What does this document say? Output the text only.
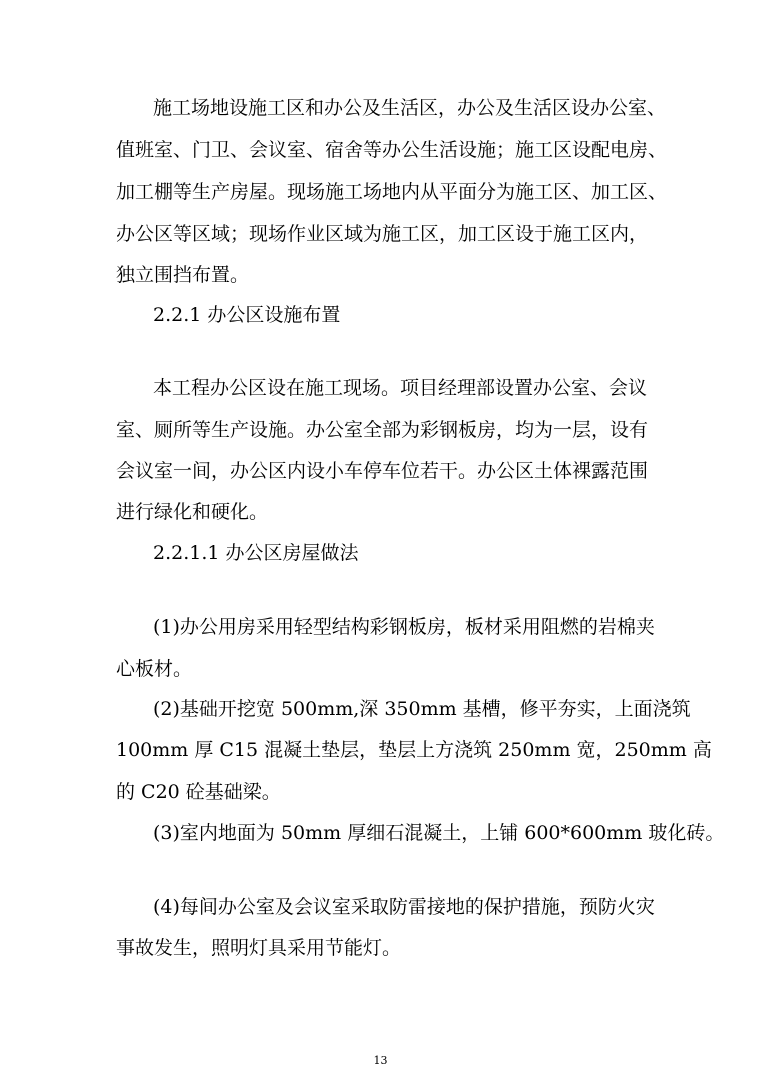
施工场地设施工区和办公及生活区，办公及生活区设办公室、
值班室、门卫、会议室、宿舍等办公生活设施；施工区设配电房、
加工棚等生产房屋。现场施工场地内从平面分为施工区、加工区、
办公区等区域；现场作业区域为施工区，加工区设于施工区内，
独立围挡布置。
2.2.1 办公区设施布置
本工程办公区设在施工现场。项目经理部设置办公室、会议
室、厕所等生产设施。办公室全部为彩钢板房，均为一层，设有
会议室一间，办公区内设小车停车位若干。办公区土体裸露范围
进行绿化和硬化。
2.2.1.1 办公区房屋做法
(1)办公用房采用轻型结构彩钢板房，板材采用阻燃的岩棉夹
心板材。
(2)基础开挖宽 500mm,深 350mm 基槽，修平夯实，上面浇筑
100mm 厚 C15 混凝土垫层，垫层上方浇筑 250mm 宽，250mm 高
的 C20 砼基础梁。
(3)室内地面为 50mm 厚细石混凝土，上铺 600*600mm 玻化砖。
(4)每间办公室及会议室采取防雷接地的保护措施，预防火灾
事故发生，照明灯具采用节能灯。
13
